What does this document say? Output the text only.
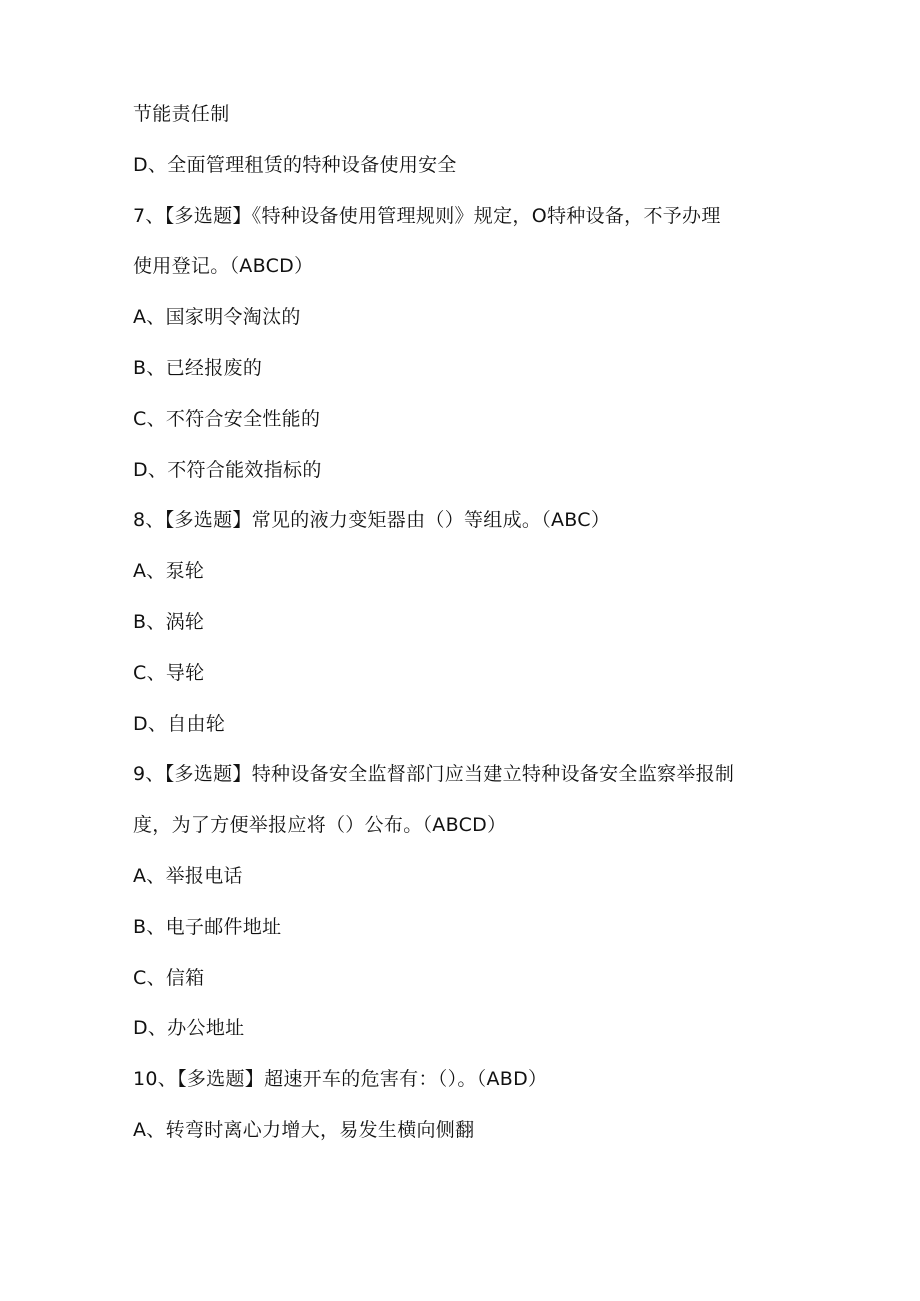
节能责任制
D、全面管理租赁的特种设备使用安全
7、【多选题】《特种设备使用管理规则》规定，O特种设备，不予办理
使用登记。（ABCD）
A、国家明令淘汰的
B、已经报废的
C、不符合安全性能的
D、不符合能效指标的
8、【多选题】常见的液力变矩器由（）等组成。（ABC）
A、泵轮
B、涡轮
C、导轮
D、自由轮
9、【多选题】特种设备安全监督部门应当建立特种设备安全监察举报制
度，为了方便举报应将（）公布。（ABCD）
A、举报电话
B、电子邮件地址
C、信箱
D、办公地址
10、【多选题】超速开车的危害有：（）。（ABD）
A、转弯时离心力增大，易发生横向侧翻
